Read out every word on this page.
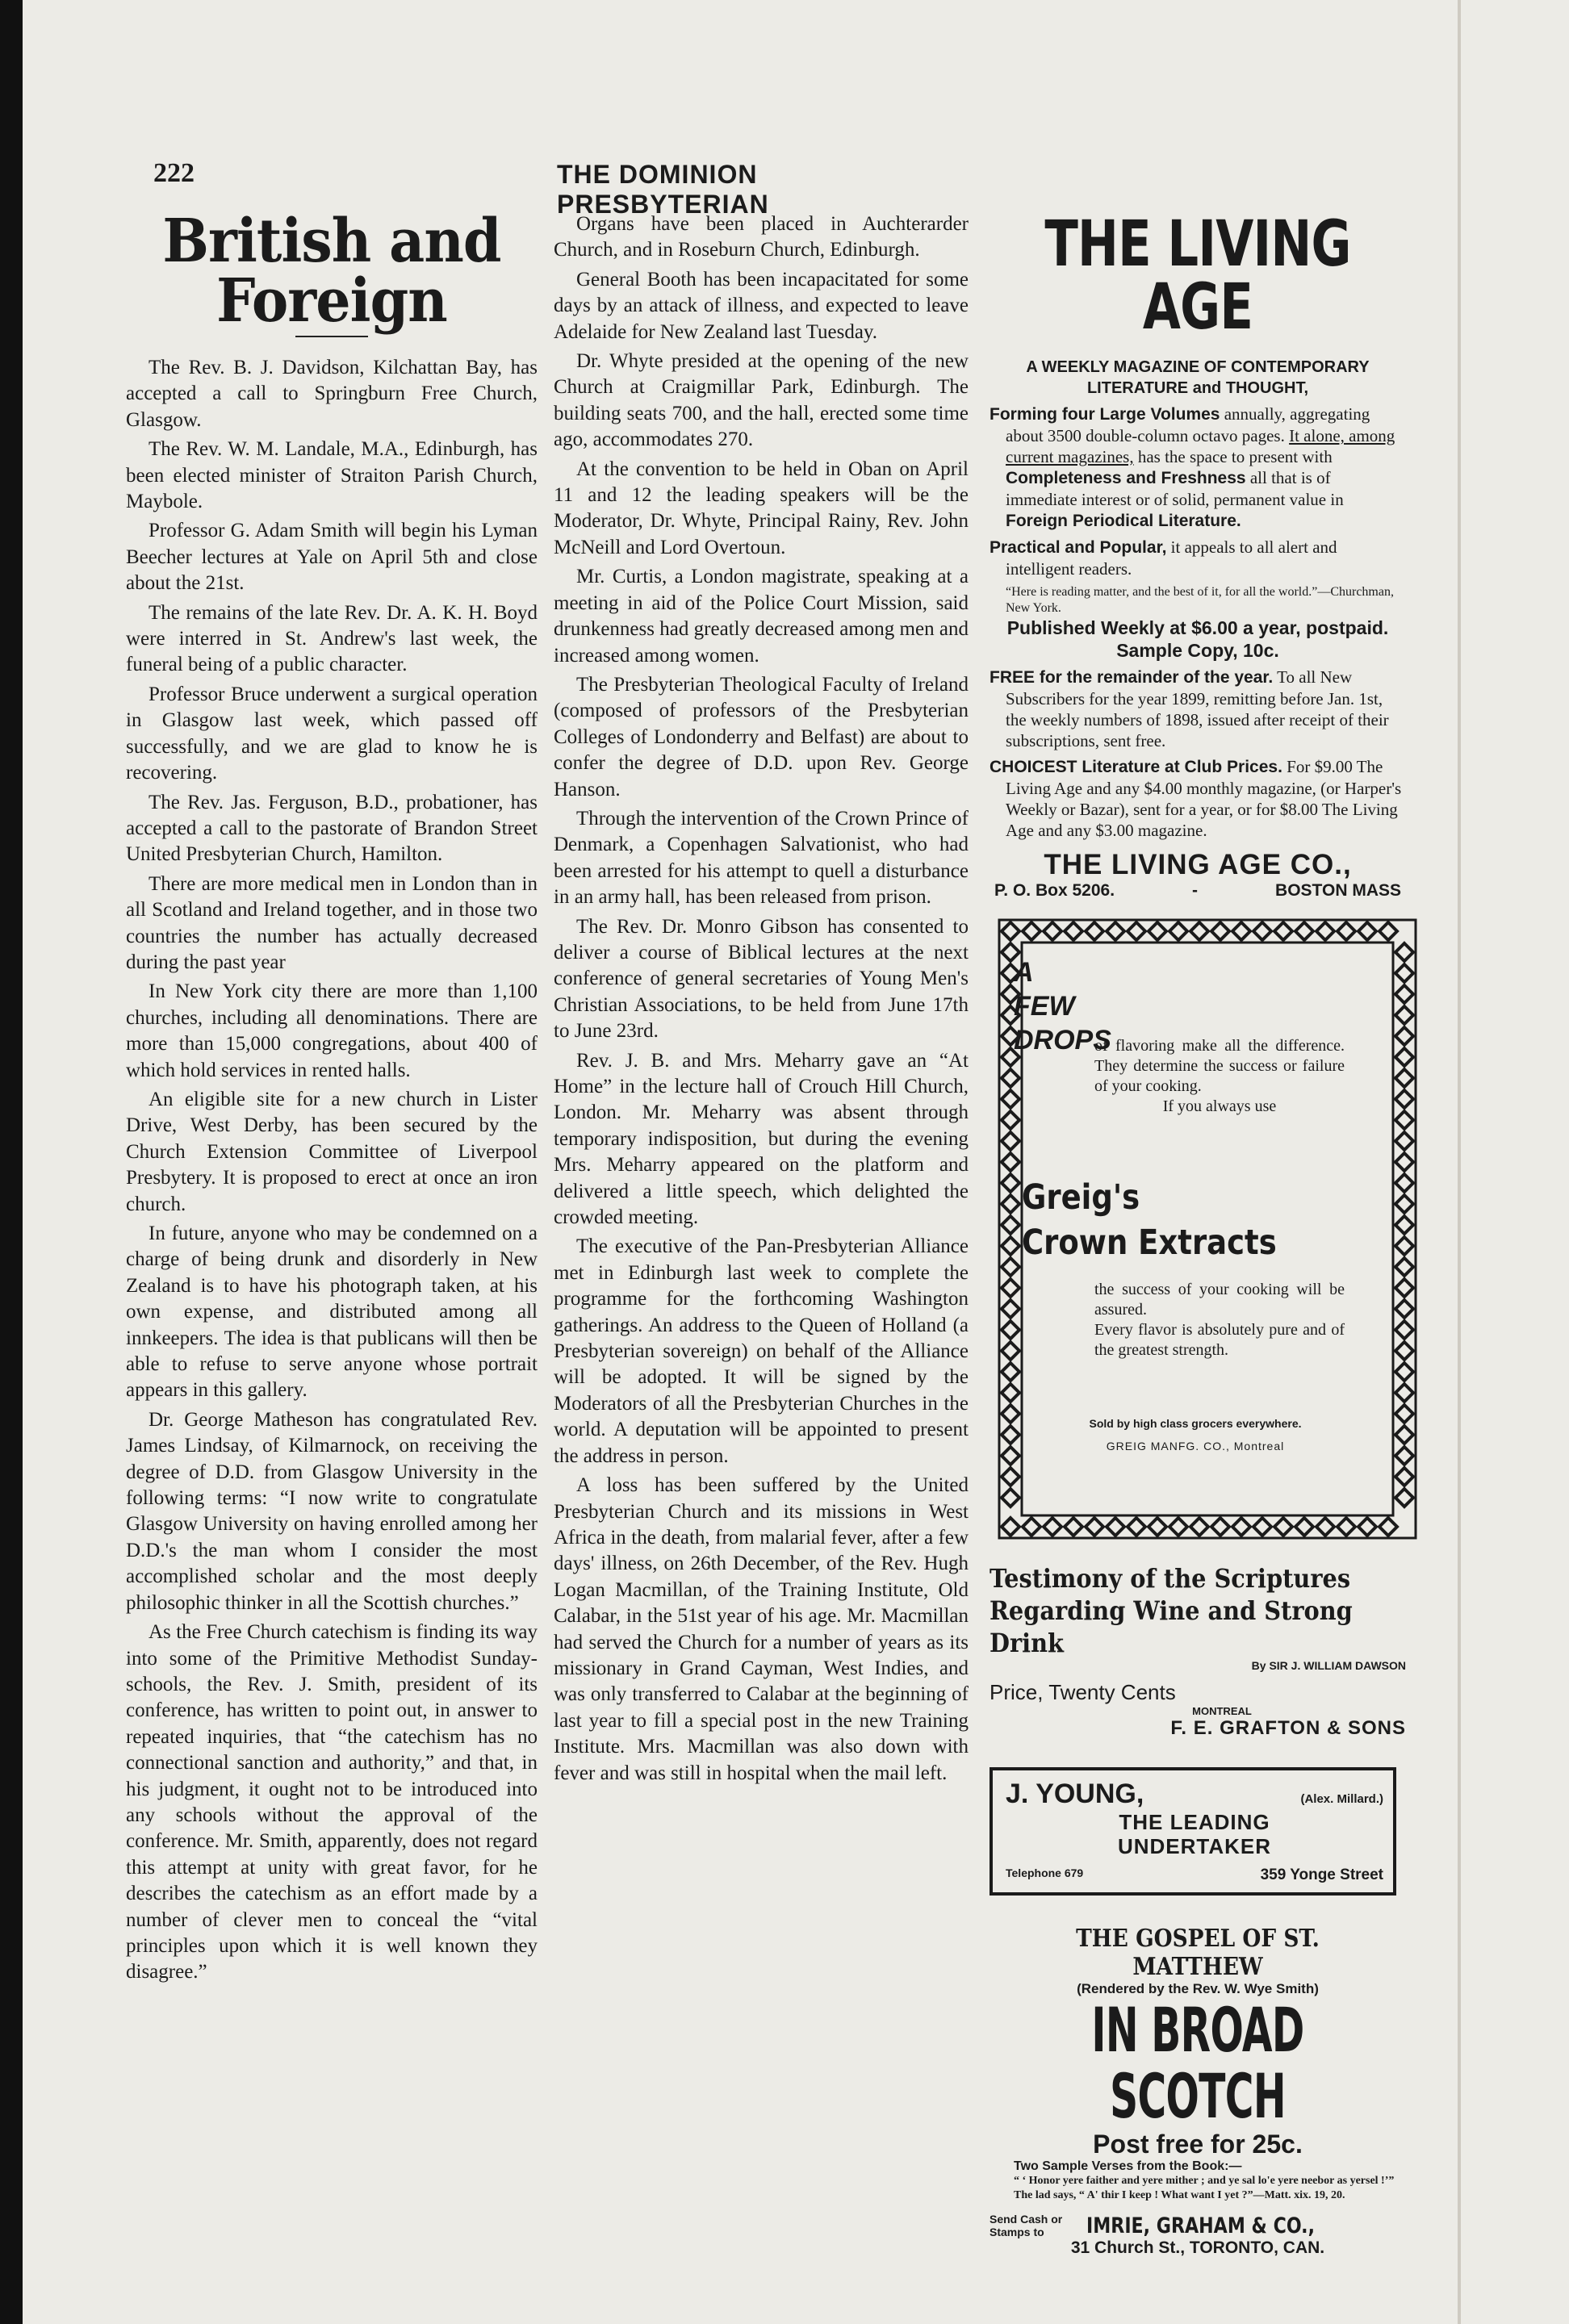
222	THE DOMINION PRESBYTERIAN
British and Foreign

The Rev. B. J. Davidson, Kilchattan Bay, has accepted a call to Springburn Free Church, Glasgow.

The Rev. W. M. Landale, M.A., Edinburgh, has been elected minister of Straiton Parish Church, Maybole.

Professor G. Adam Smith will begin his Lyman Beecher lectures at Yale on April 5th and close about the 21st.

The remains of the late Rev. Dr. A. K. H. Boyd were interred in St. Andrew's last week, the funeral being of a public character.

Professor Bruce underwent a surgical operation in Glasgow last week, which passed off successfully, and we are glad to know he is recovering.

The Rev. Jas. Ferguson, B.D., probationer, has accepted a call to the pastorate of Brandon Street United Presbyterian Church, Hamilton.

There are more medical men in London than in all Scotland and Ireland together, and in those two countries the number has actually decreased during the past year

In New York city there are more than 1,100 churches, including all denominations. There are more than 15,000 congregations, about 400 of which hold services in rented halls.

An eligible site for a new church in Lister Drive, West Derby, has been secured by the Church Extension Committee of Liverpool Presbytery. It is proposed to erect at once an iron church.

In future, anyone who may be condemned on a charge of being drunk and disorderly in New Zealand is to have his photograph taken, at his own expense, and distributed among all innkeepers. The idea is that publicans will then be able to refuse to serve anyone whose portrait appears in this gallery.

Dr. George Matheson has congratulated Rev. James Lindsay, of Kilmarnock, on receiving the degree of D.D. from Glasgow University in the following terms: “I now write to congratulate Glasgow University on having enrolled among her D.D.'s the man whom I consider the most accomplished scholar and the most deeply philosophic thinker in all the Scottish churches.”

As the Free Church catechism is finding its way into some of the Primitive Methodist Sunday-schools, the Rev. J. Smith, president of its conference, has written to point out, in answer to repeated inquiries, that “the catechism has no connectional sanction and authority,” and that, in his judgment, it ought not to be introduced into any schools without the approval of the conference. Mr. Smith, apparently, does not regard this attempt at unity with great favor, for he describes the catechism as an effort made by a number of clever men to conceal the “vital principles upon which it is well known they disagree.”

Organs have been placed in Auchterarder Church, and in Roseburn Church, Edinburgh.

General Booth has been incapacitated for some days by an attack of illness, and expected to leave Adelaide for New Zealand last Tuesday.

Dr. Whyte presided at the opening of the new Church at Craigmillar Park, Edinburgh. The building seats 700, and the hall, erected some time ago, accommodates 270.

At the convention to be held in Oban on April 11 and 12 the leading speakers will be the Moderator, Dr. Whyte, Principal Rainy, Rev. John McNeill and Lord Overtoun.

Mr. Curtis, a London magistrate, speaking at a meeting in aid of the Police Court Mission, said drunkenness had greatly decreased among men and increased among women.

The Presbyterian Theological Faculty of Ireland (composed of professors of the Presbyterian Colleges of Londonderry and Belfast) are about to confer the degree of D.D. upon Rev. George Hanson.

Through the intervention of the Crown Prince of Denmark, a Copenhagen Salvationist, who had been arrested for his attempt to quell a disturbance in an army hall, has been released from prison.

The Rev. Dr. Monro Gibson has consented to deliver a course of Biblical lectures at the next conference of general secretaries of Young Men's Christian Associations, to be held from June 17th to June 23rd.

Rev. J. B. and Mrs. Meharry gave an “At Home” in the lecture hall of Crouch Hill Church, London. Mr. Meharry was absent through temporary indisposition, but during the evening Mrs. Meharry appeared on the platform and delivered a little speech, which delighted the crowded meeting.

The executive of the Pan-Presbyterian Alliance met in Edinburgh last week to complete the programme for the forthcoming Washington gatherings. An address to the Queen of Holland (a Presbyterian sovereign) on behalf of the Alliance will be adopted. It will be signed by the Moderators of all the Presbyterian Churches in the world. A deputation will be appointed to present the address in person.

A loss has been suffered by the United Presbyterian Church and its missions in West Africa in the death, from malarial fever, after a few days' illness, on 26th December, of the Rev. Hugh Logan Macmillan, of the Training Institute, Old Calabar, in the 51st year of his age. Mr. Macmillan had served the Church for a number of years as its missionary in Grand Cayman, West Indies, and was only transferred to Calabar at the beginning of last year to fill a special post in the new Training Institute. Mrs. Macmillan was also down with fever and was still in hospital when the mail left.

THE LIVING AGE
A WEEKLY MAGAZINE OF CONTEMPORARY LITERATURE and THOUGHT,
Forming four Large Volumes annually, aggregating about 3500 double-column octavo pages. It alone, among current magazines, has the space to present with Completeness and Freshness all that is of immediate interest or of solid, permanent value in Foreign Periodical Literature.
Practical and Popular, it appeals to all alert and intelligent readers.
“Here is reading matter, and the best of it, for all the world.”—Churchman, New York.
Published Weekly at $6.00 a year, postpaid. Sample Copy, 10c.
FREE for the remainder of the year. To all New Subscribers for the year 1899, remitting before Jan. 1st, the weekly numbers of 1898, issued after receipt of their subscriptions, sent free.
CHOICEST Literature at Club Prices. For $9.00 The Living Age and any $4.00 monthly magazine, (or Harper's Weekly or Bazar), sent for a year, or for $8.00 The Living Age and any $3.00 magazine.
THE LIVING AGE CO.,
P. O. Box 5206.	-	BOSTON MASS
A
FEW
DROPS
of flavoring make all the difference. They determine the success or failure of your cooking.
If you always use
Greig's
Crown Extracts
the success of your cooking will be assured.
Every flavor is absolutely pure and of the greatest strength.
Sold by high class grocers everywhere.
GREIG MANFG. CO., Montreal
Testimony of the Scriptures Regarding Wine and Strong Drink
By SIR J. WILLIAM DAWSON
Price, Twenty Cents
MONTREAL
F. E. GRAFTON & SONS
J. YOUNG,	(Alex. Millard.)
THE LEADING
UNDERTAKER
Telephone 679	359 Yonge Street
THE GOSPEL OF ST. MATTHEW
(Rendered by the Rev. W. Wye Smith)
IN BROAD SCOTCH
Post free for 25c.
Two Sample Verses from the Book:—
“ ‘ Honor yere faither and yere mither ; and ye sal lo'e yere neebor as yersel !’” The lad says, “ A' thir I keep ! What want I yet ?”—Matt. xix. 19, 20.
Send Cash or Stamps to	IMRIE, GRAHAM & CO.,
31 Church St., TORONTO, CAN.
